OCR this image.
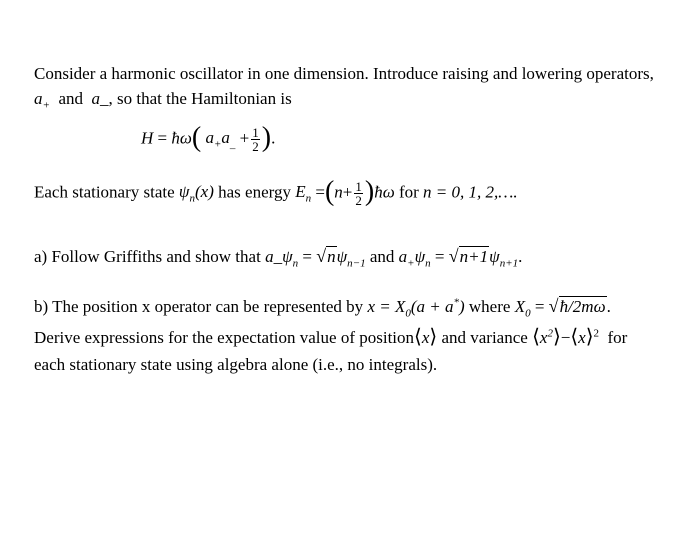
Consider a harmonic oscillator in one dimension. Introduce raising and lowering operators,
$a_+$ and a_, so that the Hamiltonian is
H = ħω( $a_+a_{\_} + \frac{1}{2}$ ).
Each stationary state $\psi_n(x)$ has energy $E_n =(n+ \frac{1}{2}$ )ħω for n = 0, 1, 2,….
a) Follow Griffiths and show that $a\_\psi_n = √n\psi_{n-1}$ and $a_+\psi_n = √n+1\psi_{n+1}$.
b) The position x operator can be represented by $x = X_0(a + a^*)$ where $X_0$ = √ħ/2mω.
Derive expressions for the expectation value of position⟨x⟩ and variance $⟨x^2⟩-⟨x⟩^2$ for
each stationary state using algebra alone (i.e., no integrals).
